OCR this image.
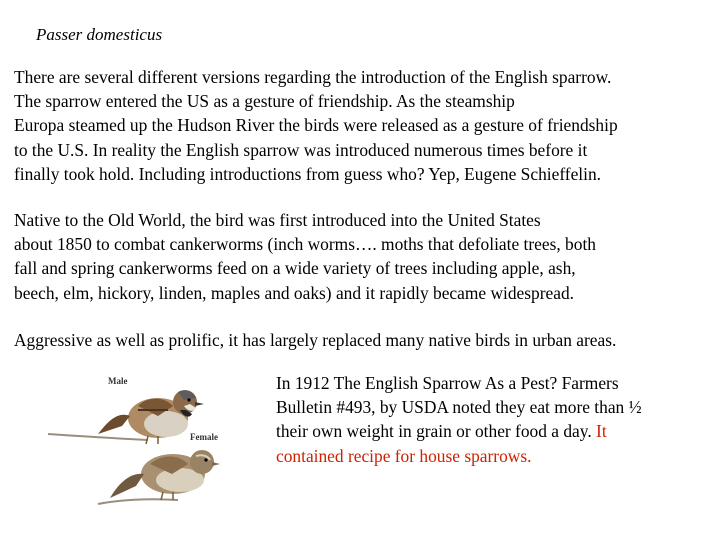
Passer domesticus
There are several different versions regarding the introduction of the English sparrow.
The sparrow entered the US as a gesture of friendship. As the steamship
Europa steamed up the Hudson River the birds were released as a gesture of friendship
to the U.S. In reality the English sparrow was introduced numerous times before it
finally took hold. Including introductions from guess who? Yep, Eugene Schieffelin.
Native to the Old World, the bird was first introduced into the United States
about 1850 to combat cankerworms (inch worms…. moths that defoliate trees, both
fall and spring cankerworms feed on a wide variety of trees including apple, ash,
beech, elm, hickory, linden, maples and oaks) and it rapidly became widespread.
Aggressive as well as prolific, it has largely replaced many native birds in urban areas.
In 1912 The English Sparrow As a Pest? Farmers
Bulletin #493, by USDA noted they eat more than ½
their own weight in grain or other food a day. It
contained recipe for house sparrows.
Male
Female
